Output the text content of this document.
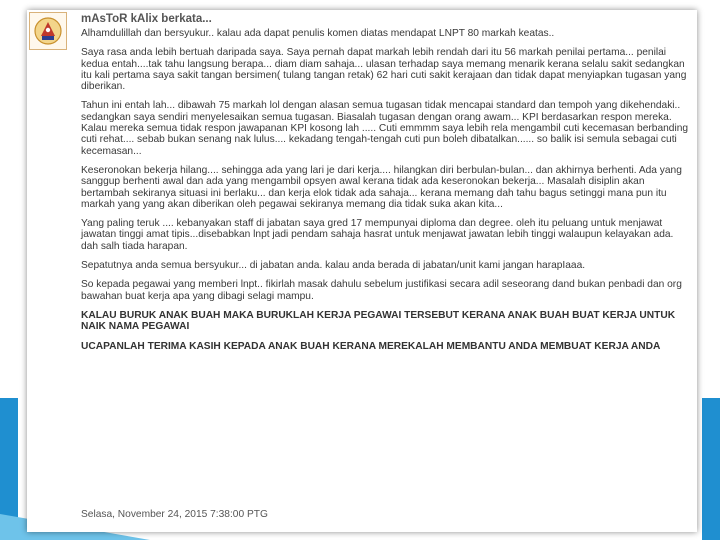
mAsToR kAlix berkata...

Alhamdulillah dan bersyukur.. kalau ada dapat penulis komen diatas mendapat LNPT 80 markah keatas..

Saya rasa anda lebih bertuah daripada saya. Saya pernah dapat markah lebih rendah dari itu 56 markah penilai pertama... penilai kedua entah....tak tahu langsung berapa... diam diam sahaja... ulasan terhadap saya memang menarik kerana selalu sakit sedangkan itu kali pertama saya sakit tangan bersimen( tulang tangan retak) 62 hari cuti sakit kerajaan dan tidak dapat menyiapkan tugasan yang diberikan.

Tahun ini entah lah... dibawah 75 markah lol dengan alasan semua tugasan tidak mencapai standard dan tempoh yang dikehendaki.. sedangkan saya sendiri menyelesaikan semua tugasan. Biasalah tugasan dengan orang awam... KPI berdasarkan respon mereka. Kalau mereka semua tidak respon jawapanan KPI kosong lah ..... Cuti emmmm saya lebih rela mengambil cuti kecemasan berbanding cuti rehat.... sebab bukan senang nak lulus.... kekadang tengah-tengah cuti pun boleh dibatalkan...... so balik isi semula sebagai cuti kecemasan...

Keseronokan bekerja hilang.... sehingga ada yang lari je dari kerja.... hilangkan diri berbulan-bulan... dan akhirnya berhenti. Ada yang sanggup berhenti awal dan ada yang mengambil opsyen awal kerana tidak ada keseronokan bekerja... Masalah disiplin akan bertambah sekiranya situasi ini berlaku... dan kerja elok tidak ada sahaja... kerana memang dah tahu bagus setinggi mana pun itu markah yang yang akan diberikan oleh pegawai sekiranya memang dia tidak suka akan kita...

Yang paling teruk .... kebanyakan staff di jabatan saya gred 17 mempunyai diploma dan degree. oleh itu peluang untuk menjawat jawatan tinggi amat tipis...disebabkan lnpt jadi pendam sahaja hasrat untuk menjawat jawatan lebih tinggi walaupun kelayakan ada. dah salh tiada harapan.

Sepatutnya anda semua bersyukur... di jabatan anda. kalau anda berada di jabatan/unit kami jangan harapIaaa.

So kepada pegawai yang memberi lnpt.. fikirlah masak dahulu sebelum justifikasi secara adil seseorang dand bukan penbadi dan org bawahan buat kerja apa yang dibagi selagi mampu.

KALAU BURUK ANAK BUAH MAKA BURUKLAH KERJA PEGAWAI TERSEBUT KERANA ANAK BUAH BUAT KERJA UNTUK NAIK NAMA PEGAWAI

UCAPANLAH TERIMA KASIH KEPADA ANAK BUAH KERANA MEREKALAH MEMBANTU ANDA MEMBUAT KERJA ANDA

Selasa, November 24, 2015 7:38:00 PTG
